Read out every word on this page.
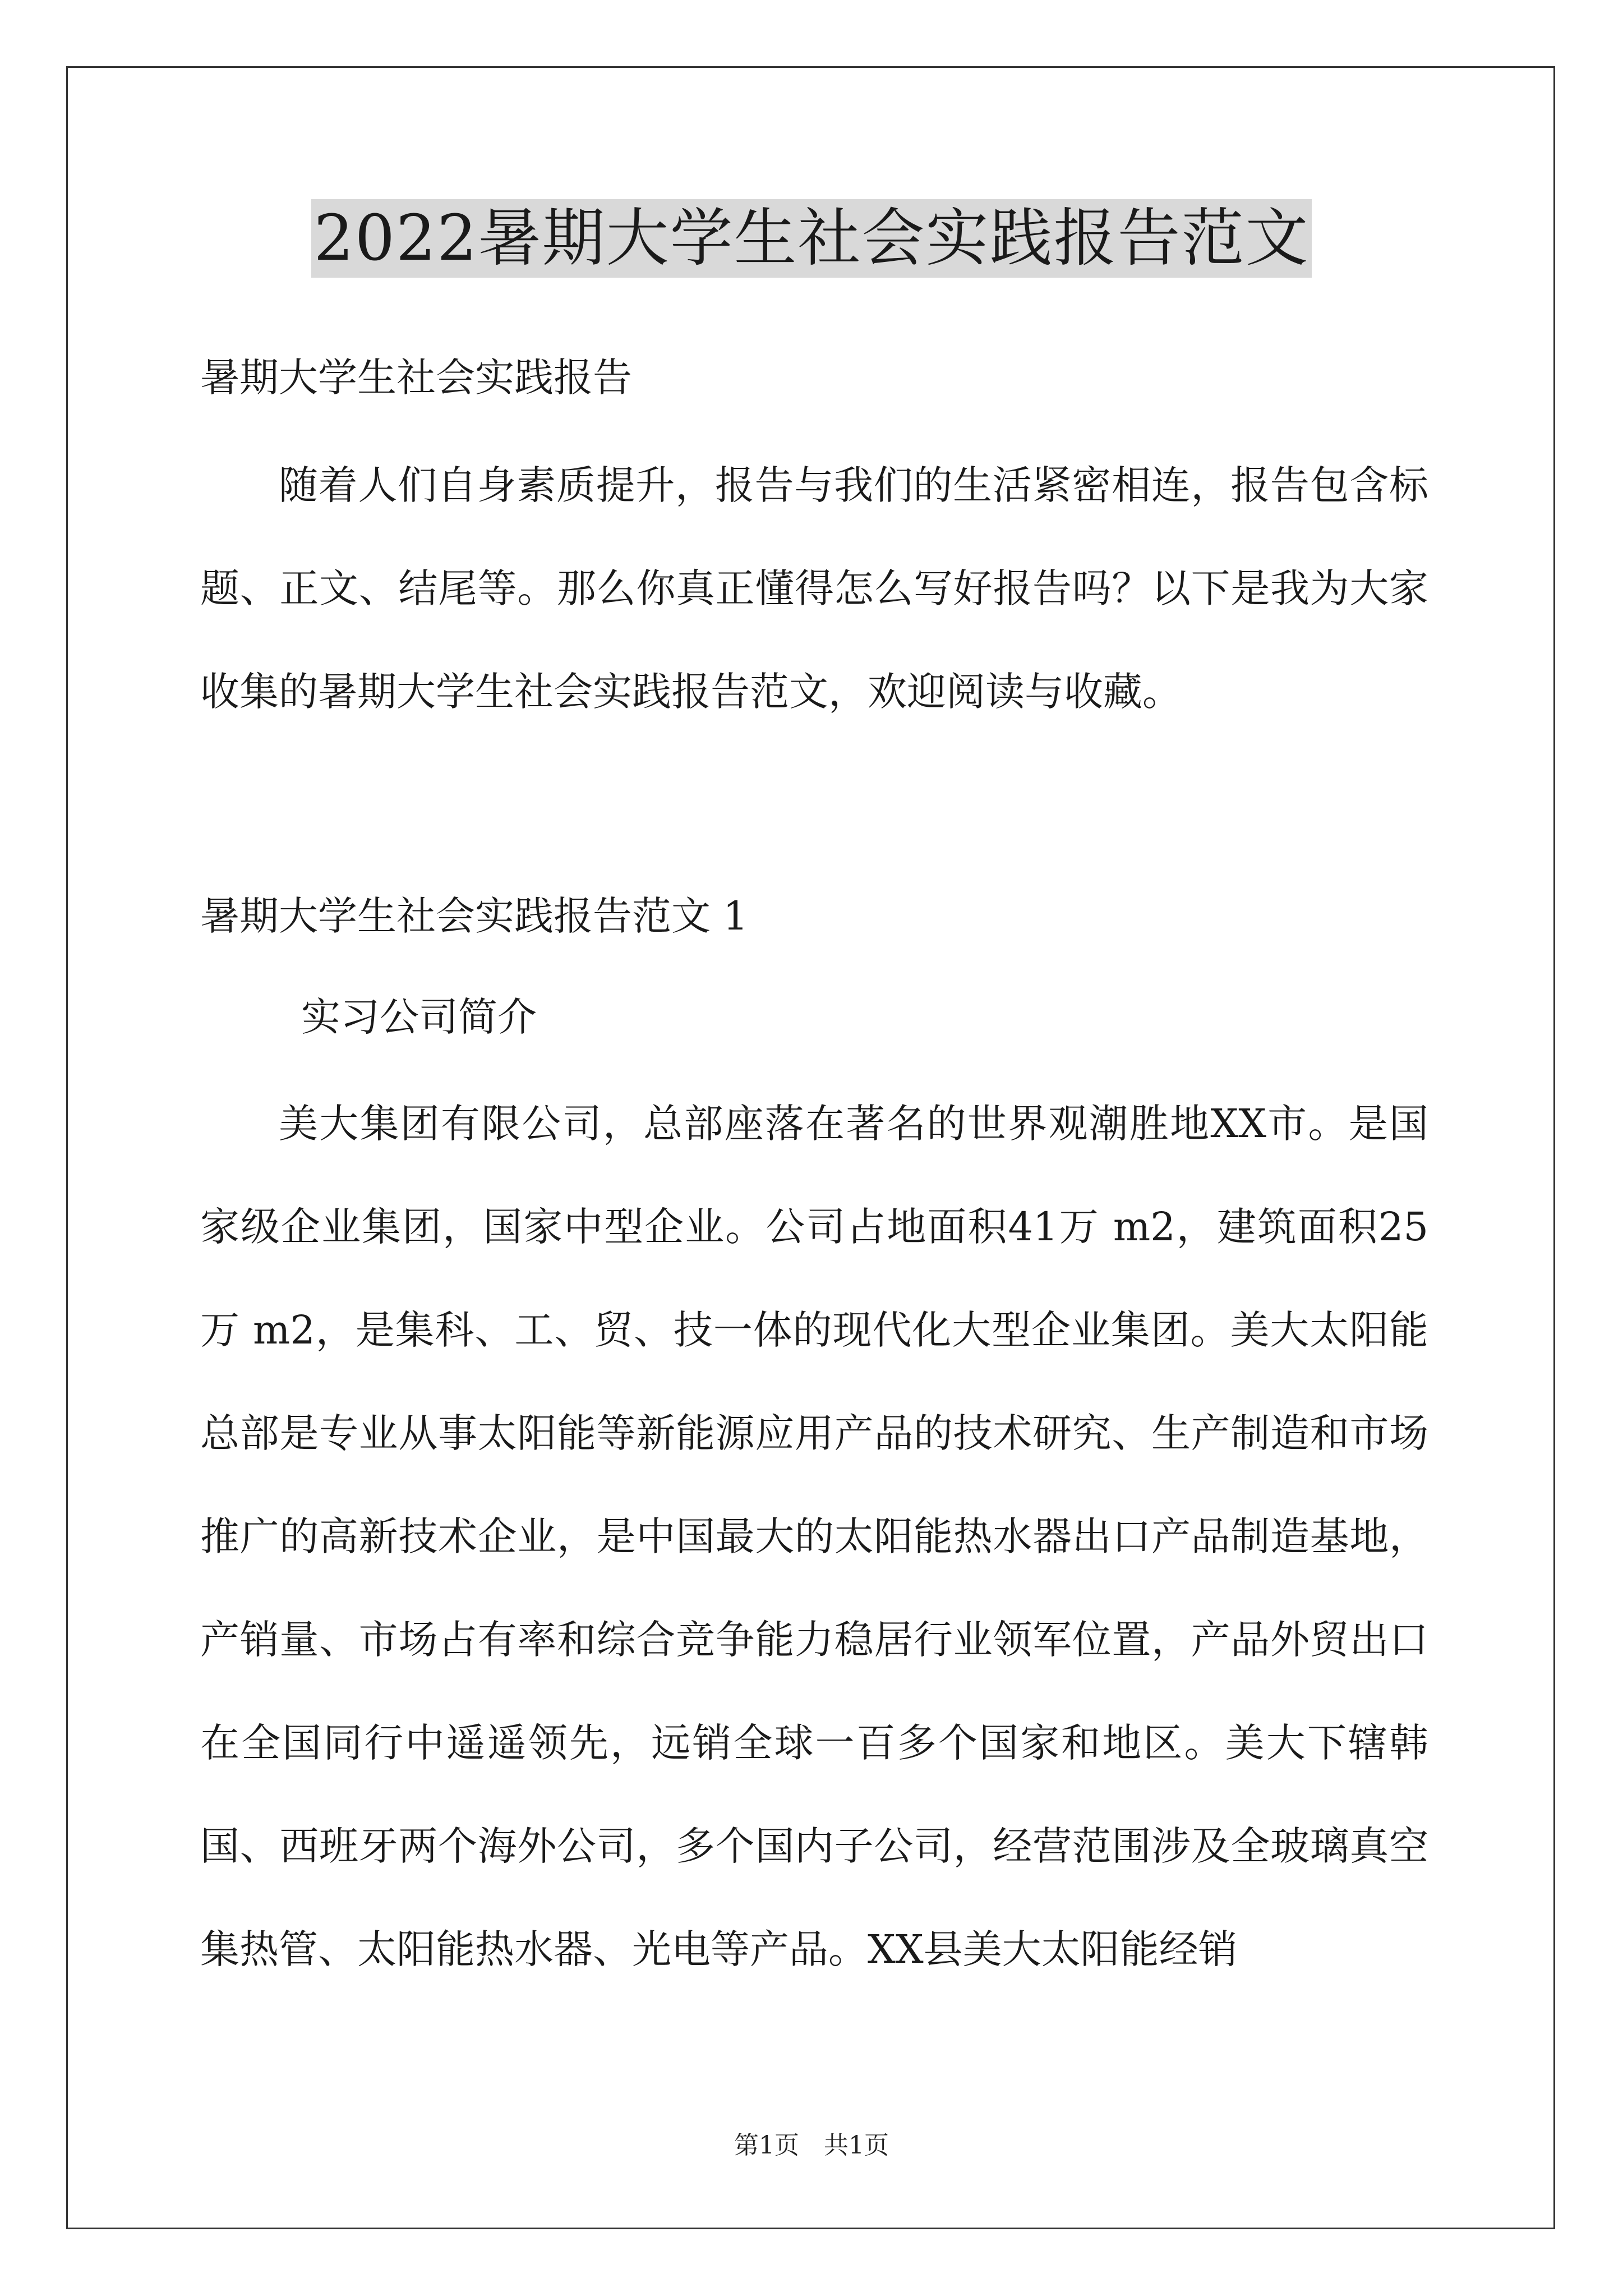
2022暑期大学生社会实践报告范文

暑期大学生社会实践报告

随着人们自身素质提升，报告与我们的生活紧密相连，报告包含标题、正文、结尾等。那么你真正懂得怎么写好报告吗？以下是我为大家收集的暑期大学生社会实践报告范文，欢迎阅读与收藏。

暑期大学生社会实践报告范文 1

实习公司简介

美大集团有限公司，总部座落在著名的世界观潮胜地XX市。是国家级企业集团，国家中型企业。公司占地面积41万 m2，建筑面积25万 m2，是集科、工、贸、技一体的现代化大型企业集团。美大太阳能总部是专业从事太阳能等新能源应用产品的技术研究、生产制造和市场推广的高新技术企业，是中国最大的太阳能热水器出口产品制造基地，产销量、市场占有率和综合竞争能力稳居行业领军位置，产品外贸出口在全国同行中遥遥领先，远销全球一百多个国家和地区。美大下辖韩国、西班牙两个海外公司，多个国内子公司，经营范围涉及全玻璃真空集热管、太阳能热水器、光电等产品。XX县美大太阳能经销

第1页　共1页
